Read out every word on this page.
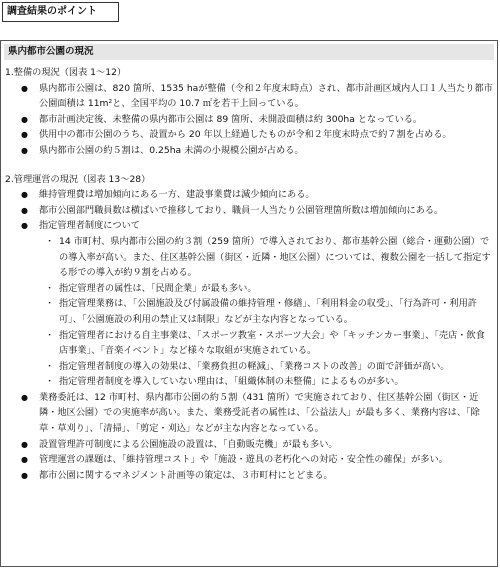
調査結果のポイント
県内都市公園の現況

1.整備の現況（図表 1〜12）

● 県内都市公園は、820 箇所、1535 haが整備（令和２年度末時点）され、都市計画区域内人口１人当たり都市公園面積は 11m²と、全国平均の 10.7 ㎡を若干上回っている。
● 都市計画決定後、未整備の県内都市公園は 89 箇所、未開設面積は約 300ha となっている。
● 供用中の都市公園のうち、設置から 20 年以上経過したものが令和２年度末時点で約７割を占める。
● 県内都市公園の約５割は、0.25ha 未満の小規模公園が占める。

2.管理運営の現況（図表 13〜28）

● 維持管理費は増加傾向にある一方、建設事業費は減少傾向にある。
● 都市公園部門職員数は横ばいで推移しており、職員一人当たり公園管理箇所数は増加傾向にある。
● 指定管理者制度について
・ 14 市町村、県内都市公園の約３割（259 箇所）で導入されており、都市基幹公園（総合・運動公園）での導入率が高い。また、住区基幹公園（街区・近隣・地区公園）については、複数公園を一括して指定する形での導入が約９割を占める。
・ 指定管理者の属性は、「民間企業」が最も多い。
・ 指定管理業務は、「公園施設及び付属設備の維持管理・修繕」、「利用料金の収受」、「行為許可・利用許可」、「公園施設の利用の禁止又は制限」などが主な内容となっている。
・ 指定管理者における自主事業は、「スポーツ教室・スポーツ大会」や「キッチンカー事業」、「売店・飲食店事業」、「音楽イベント」など様々な取組が実施されている。
・ 指定管理者制度の導入の効果は、「業務負担の軽減」、「業務コストの改善」の面で評価が高い。
・ 指定管理者制度を導入していない理由は、「組織体制の未整備」によるものが多い。
● 業務委託は、12 市町村、県内都市公園の約５割（431 箇所）で実施されており、住区基幹公園（街区・近隣・地区公園）での実施率が高い。また、業務受託者の属性は、「公益法人」が最も多く、業務内容は、「除草・草刈り」、「清掃」、「剪定・刈込」などが主な内容となっている。
● 設置管理許可制度による公園施設の設置は、「自動販売機」が最も多い。
● 管理運営の課題は、「維持管理コスト」や「施設・遊具の老朽化への対応・安全性の確保」が多い。
● 都市公園に関するマネジメント計画等の策定は、３市町村にとどまる。
